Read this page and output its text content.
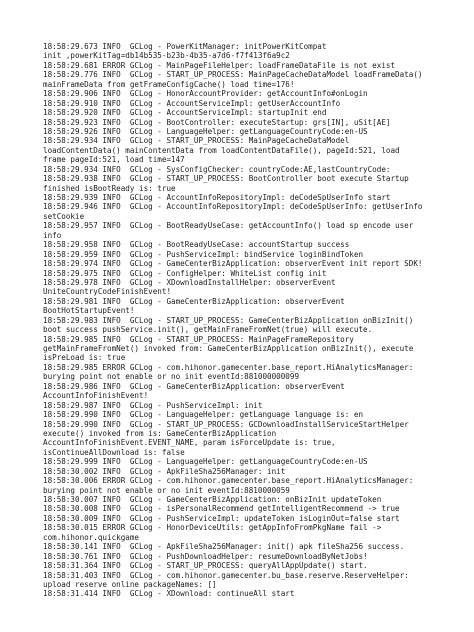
18:58:29.673 INFO  GCLog - PowerKitManager: initPowerKitCompat
init ,powerKitTag=db14b535-b23b-4b35-a7d6-f7f413f6a9c2
18:58:29.681 ERROR GCLog - MainPageFileHelper: loadFrameDataFile is not exist
18:58:29.776 INFO  GCLog - START_UP_PROCESS: MainPageCacheDataModel loadFrameData()
mainFrameData from getFrameConfigCache() load time=176!
18:58:29.906 INFO  GCLog - HonorAccountProvider: getAccountInfo#onLogin
18:58:29.910 INFO  GCLog - AccountServiceImpl: getUserAccountInfo
18:58:29.920 INFO  GCLog - AccountServiceImpl: startupInit end
18:58:29.923 INFO  GCLog - BootController: executeStartup: grs[IN], uSit[AE]
18:58:29.926 INFO  GCLog - LanguageHelper: getLanguageCountryCode:en-US
18:58:29.934 INFO  GCLog - START_UP_PROCESS: MainPageCacheDataModel
loadContentData() mainContentData from loadContentDataFile(), pageId:521, load
frame pageId:521, load time=147
18:58:29.934 INFO  GCLog - SysConfigChecker: countryCode:AE,lastCountryCode:
18:58:29.938 INFO  GCLog - START_UP_PROCESS: BootController boot execute Startup
finished isBootReady is: true
18:58:29.939 INFO  GCLog - AccountInfoRepositoryImpl: deCodeSpUserInfo start
18:58:29.946 INFO  GCLog - AccountInfoRepositoryImpl: deCodeSpUserInfo: getUserInfo
setCookie
18:58:29.957 INFO  GCLog - BootReadyUseCase: getAccountInfo() load sp encode user
info
18:58:29.958 INFO  GCLog - BootReadyUseCase: accountStartup success
18:58:29.959 INFO  GCLog - PushServiceImpl: bindService loginBindToken
18:58:29.974 INFO  GCLog - GameCenterBizApplication: observerEvent init report SDK!
18:58:29.975 INFO  GCLog - ConfigHelper: WhiteList config init
18:58:29.978 INFO  GCLog - XDownloadInstallHelper: observerEvent
UniteCountryCodeFinishEvent!
18:58:29.981 INFO  GCLog - GameCenterBizApplication: observerEvent
BootHotStartupEvent!
18:58:29.983 INFO  GCLog - START_UP_PROCESS: GameCenterBizApplication onBizInit()
boot success pushService.init(), getMainFrameFromNet(true) will execute.
18:58:29.985 INFO  GCLog - START_UP_PROCESS: MainPageFrameRepository
getMainFrameFromNet() invoked from: GameCenterBizApplication onBizInit(), execute
isPreLoad is: true
18:58:29.985 ERROR GCLog - com.hihonor.gamecenter.base_report.HiAnalyticsManager:
burying point not enable or no init eventId:881000000099
18:58:29.986 INFO  GCLog - GameCenterBizApplication: observerEvent
AccountInfoFinishEvent!
18:58:29.987 INFO  GCLog - PushServiceImpl: init
18:58:29.990 INFO  GCLog - LanguageHelper: getLanguage language is: en
18:58:29.990 INFO  GCLog - START_UP_PROCESS: GCDownloadInstallServiceStartHelper
execute() invoked from is: GameCenterBizApplication
AccountInfoFinishEvent.EVENT_NAME, param isForceUpdate is: true,
isContinueAllDownload is: false
18:58:29.999 INFO  GCLog - LanguageHelper: getLanguageCountryCode:en-US
18:58:30.002 INFO  GCLog - ApkFileSha256Manager: init
18:58:30.006 ERROR GCLog - com.hihonor.gamecenter.base_report.HiAnalyticsManager:
burying point not enable or no init eventId:8810000059
18:58:30.007 INFO  GCLog - GameCenterBizApplication: onBizInit updateToken
18:58:30.008 INFO  GCLog - isPersonalRecommend getIntelligentRecommend -> true
18:58:30.009 INFO  GCLog - PushServiceImpl: updateToken isLoginOut=false start
18:58:30.015 ERROR GCLog - HonorDeviceUtils: getAppInfoFromPkgName fail ->
com.hihonor.quickgame
18:58:30.141 INFO  GCLog - ApkFileSha256Manager: init() apk fileSha256 success.
18:58:30.761 INFO  GCLog - PushDownloadHelper: resumeDownloadByNetJobs!
18:58:31.364 INFO  GCLog - START_UP_PROCESS: queryAllAppUpdate() start.
18:58:31.403 INFO  GCLog - com.hihonor.gamecenter.bu_base.reserve.ReserveHelper:
upload reserve online packageNames: []
18:58:31.414 INFO  GCLog - XDownload: continueAll start
